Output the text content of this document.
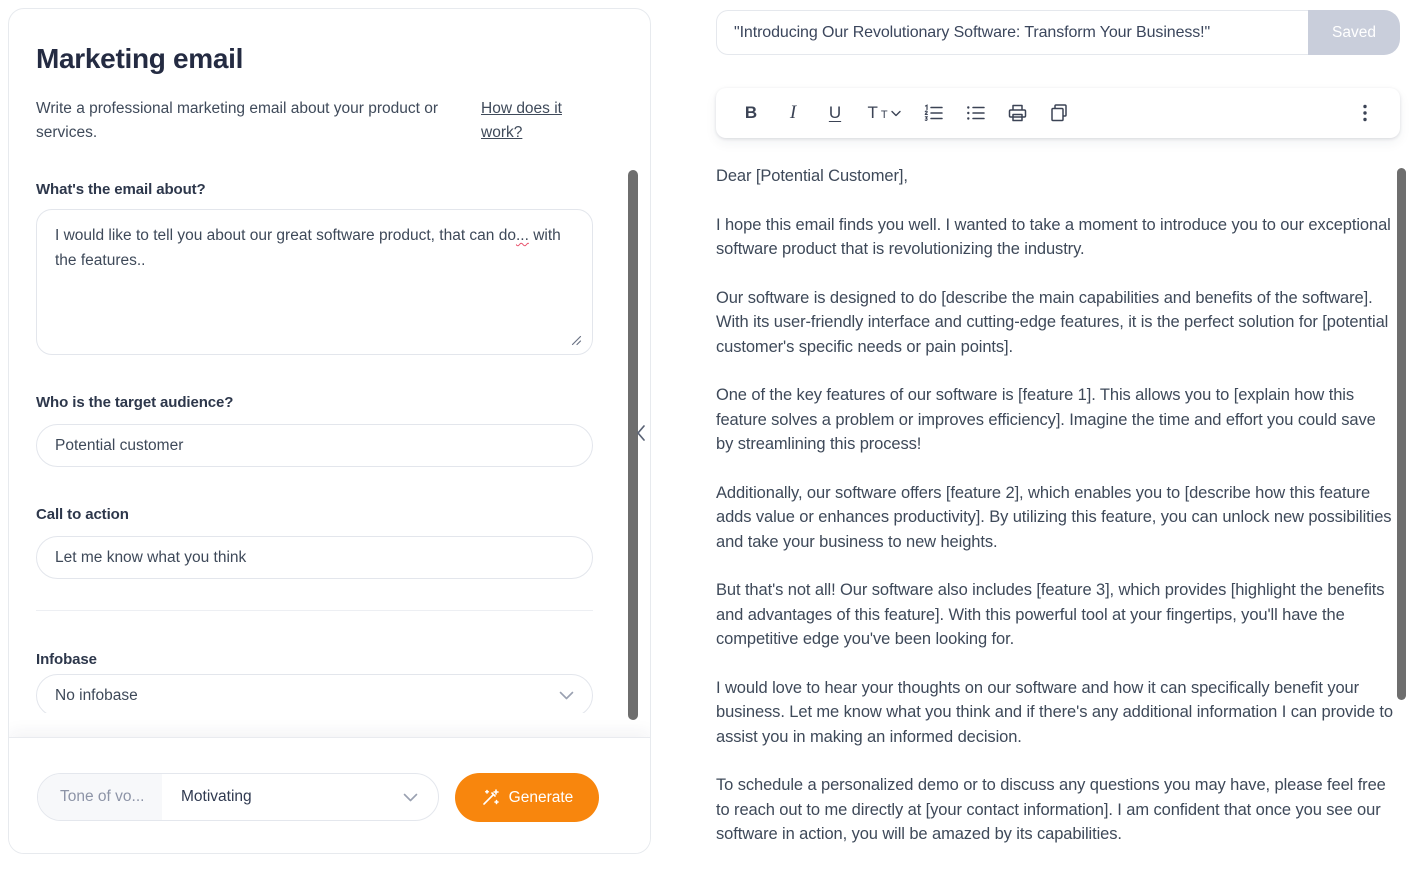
Marketing email
Write a professional marketing email about your product or services.
How does it work?
What's the email about?
I would like to tell you about our great software product, that can do... with the features..
Who is the target audience?
Potential customer
Call to action
Let me know what you think
Infobase
No infobase
Tone of vo...	Motivating	Generate
"Introducing Our Revolutionary Software: Transform Your Business!"
Saved
B	I	U	T T

Dear [Potential Customer],

I hope this email finds you well. I wanted to take a moment to introduce you to our exceptional software product that is revolutionizing the industry.

Our software is designed to do [describe the main capabilities and benefits of the software]. With its user-friendly interface and cutting-edge features, it is the perfect solution for [potential customer's specific needs or pain points].

One of the key features of our software is [feature 1]. This allows you to [explain how this feature solves a problem or improves efficiency]. Imagine the time and effort you could save by streamlining this process!

Additionally, our software offers [feature 2], which enables you to [describe how this feature adds value or enhances productivity]. By utilizing this feature, you can unlock new possibilities and take your business to new heights.

But that's not all! Our software also includes [feature 3], which provides [highlight the benefits and advantages of this feature]. With this powerful tool at your fingertips, you'll have the competitive edge you've been looking for.

I would love to hear your thoughts on our software and how it can specifically benefit your business. Let me know what you think and if there's any additional information I can provide to assist you in making an informed decision.

To schedule a personalized demo or to discuss any questions you may have, please feel free to reach out to me directly at [your contact information]. I am confident that once you see our software in action, you will be amazed by its capabilities.
